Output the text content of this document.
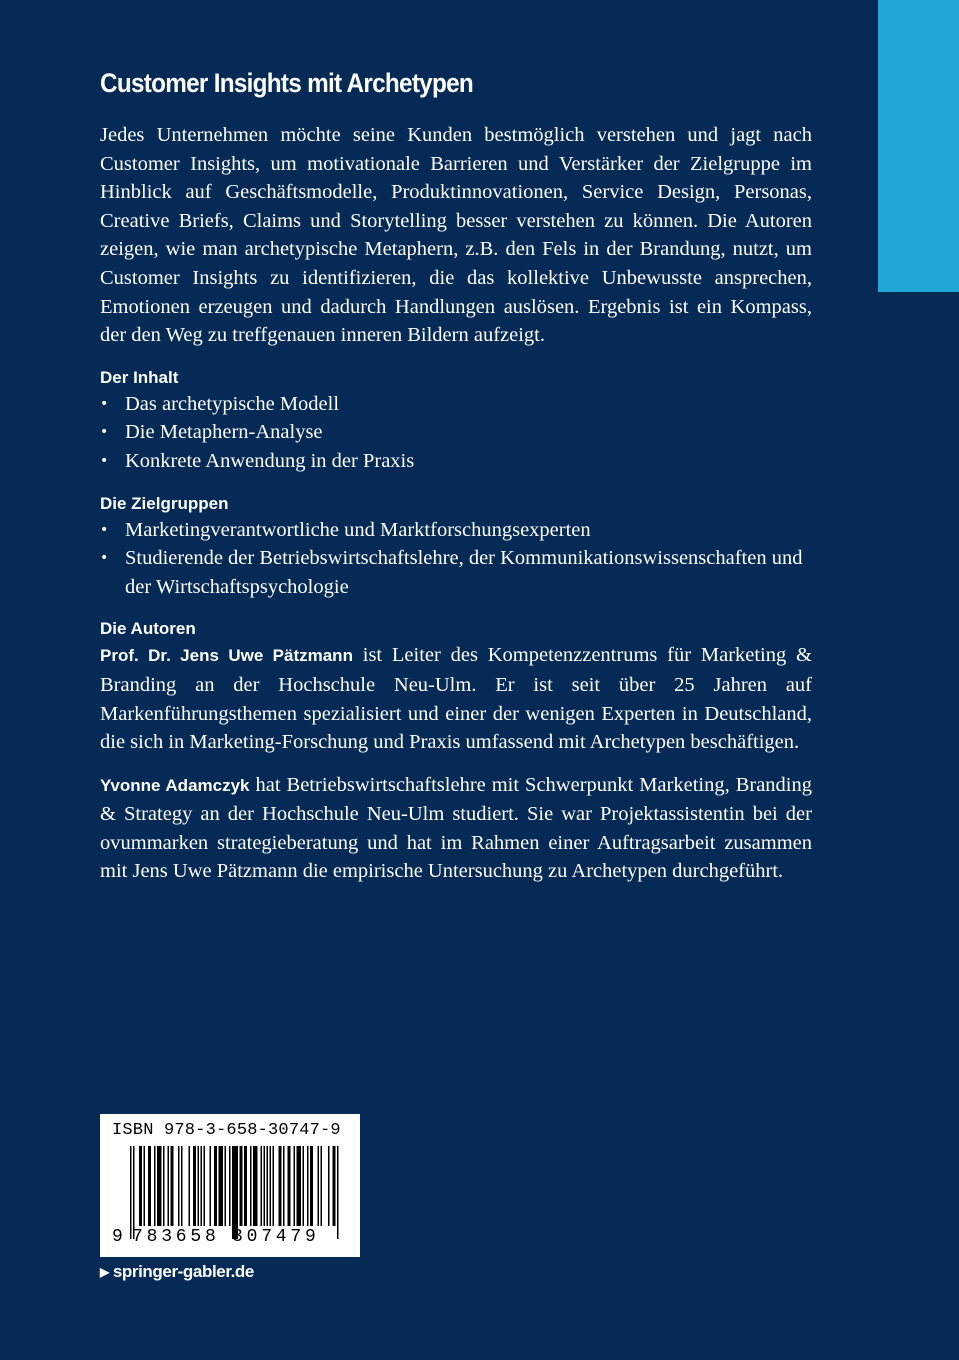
Customer Insights mit Archetypen

Jedes Unternehmen möchte seine Kunden bestmöglich verstehen und jagt nach Customer Insights, um motivationale Barrieren und Verstärker der Zielgruppe im Hinblick auf Geschäftsmodelle, Produktinnovationen, Service Design, Personas, Creative Briefs, Claims und Storytelling besser verstehen zu können. Die Autoren zeigen, wie man archetypische Metaphern, z.B. den Fels in der Brandung, nutzt, um Customer Insights zu identifizieren, die das kollektive Unbewusste ansprechen, Emotionen erzeugen und dadurch Handlungen auslösen. Ergebnis ist ein Kompass, der den Weg zu treffgenauen inneren Bildern aufzeigt.

Der Inhalt
• Das archetypische Modell
• Die Metaphern-Analyse
• Konkrete Anwendung in der Praxis
Die Zielgruppen
• Marketingverantwortliche und Marktforschungsexperten
• Studierende der Betriebswirtschaftslehre, der Kommunikationswissenschaften und der Wirtschaftspsychologie
Die Autoren

Prof. Dr. Jens Uwe Pätzmann ist Leiter des Kompetenzzentrums für Marketing & Branding an der Hochschule Neu-Ulm. Er ist seit über 25 Jahren auf Markenführungsthemen spezialisiert und einer der wenigen Experten in Deutschland, die sich in Marketing-Forschung und Praxis umfassend mit Archetypen beschäftigen.

Yvonne Adamczyk hat Betriebswirtschaftslehre mit Schwerpunkt Marketing, Branding & Strategy an der Hochschule Neu-Ulm studiert. Sie war Projektassistentin bei der ovummarken strategieberatung und hat im Rahmen einer Auftragsarbeit zusammen mit Jens Uwe Pätzmann die empirische Untersuchung zu Archetypen durchgeführt.

ISBN 978-3-658-30747-9
9 783658 307479
▶ springer-gabler.de
